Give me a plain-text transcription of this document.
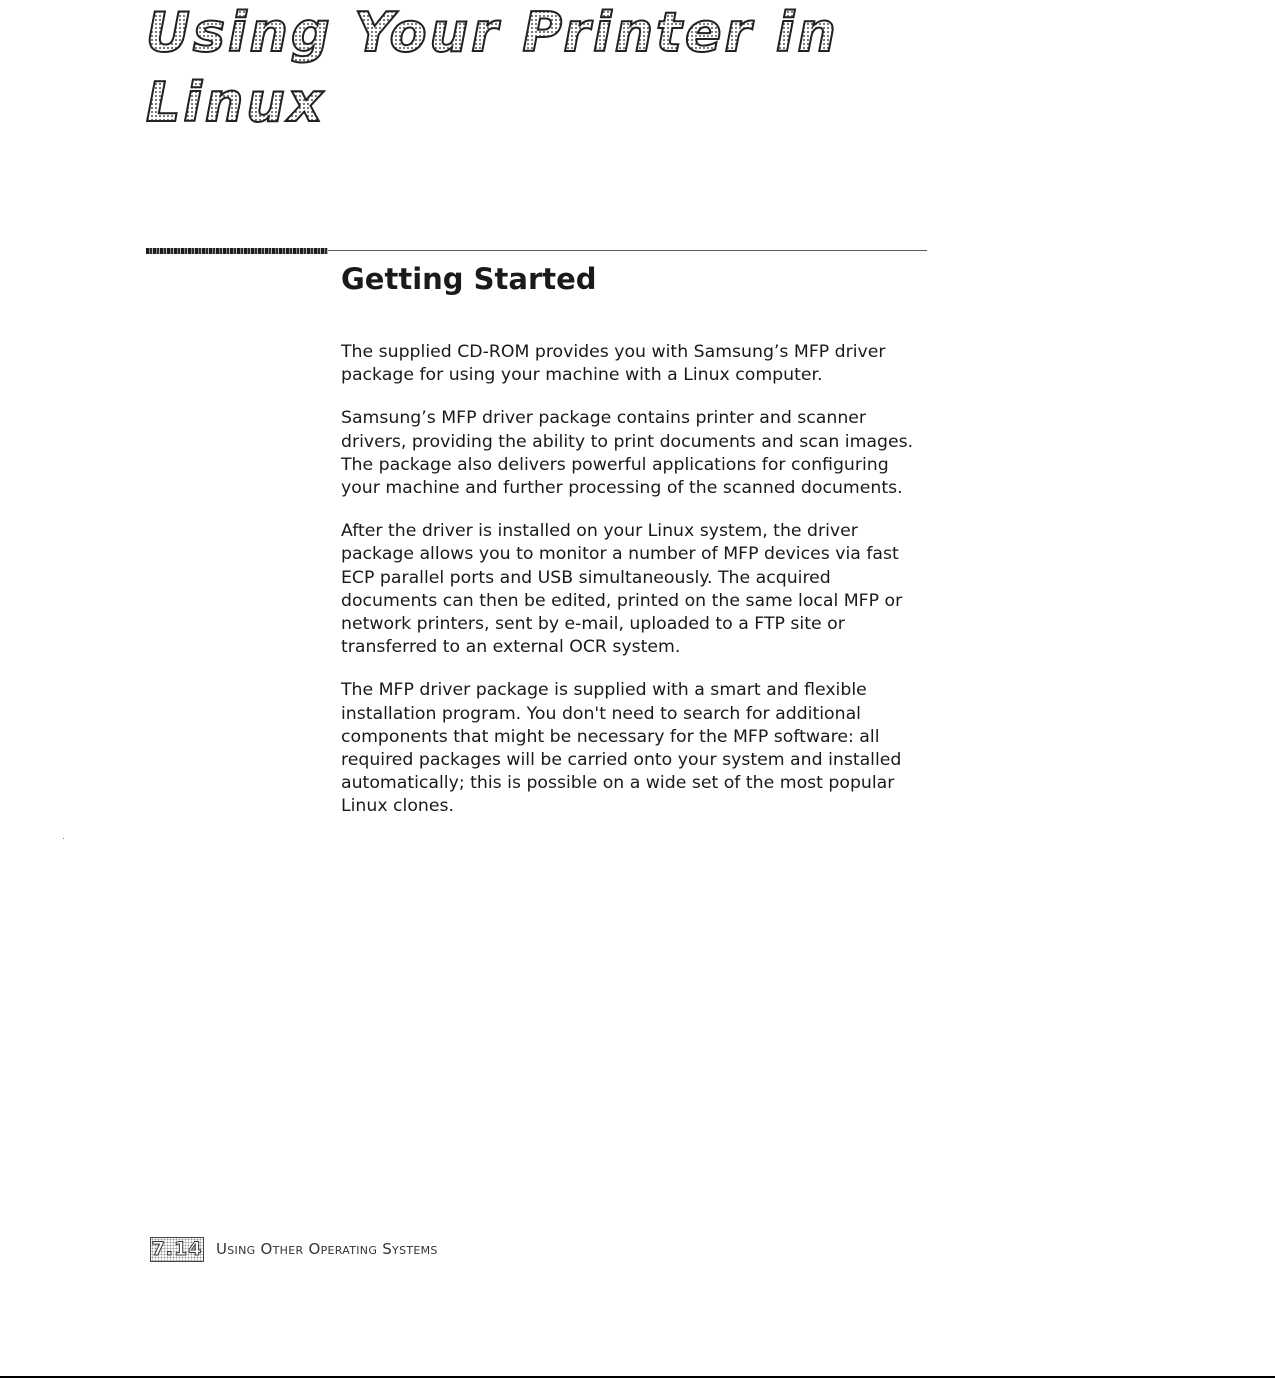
Using Your Printer in
Linux
Getting Started

The supplied CD-ROM provides you with Samsung’s MFP driver package for using your machine with a Linux computer.

Samsung’s MFP driver package contains printer and scanner drivers, providing the ability to print documents and scan images. The package also delivers powerful applications for configuring your machine and further processing of the scanned documents.

After the driver is installed on your Linux system, the driver package allows you to monitor a number of MFP devices via fast ECP parallel ports and USB simultaneously. The acquired documents can then be edited, printed on the same local MFP or network printers, sent by e-mail, uploaded to a FTP site or transferred to an external OCR system.

The MFP driver package is supplied with a smart and flexible installation program. You don't need to search for additional components that might be necessary for the MFP software: all required packages will be carried onto your system and installed automatically; this is possible on a wide set of the most popular Linux clones.

7.14 Using Other Operating Systems
